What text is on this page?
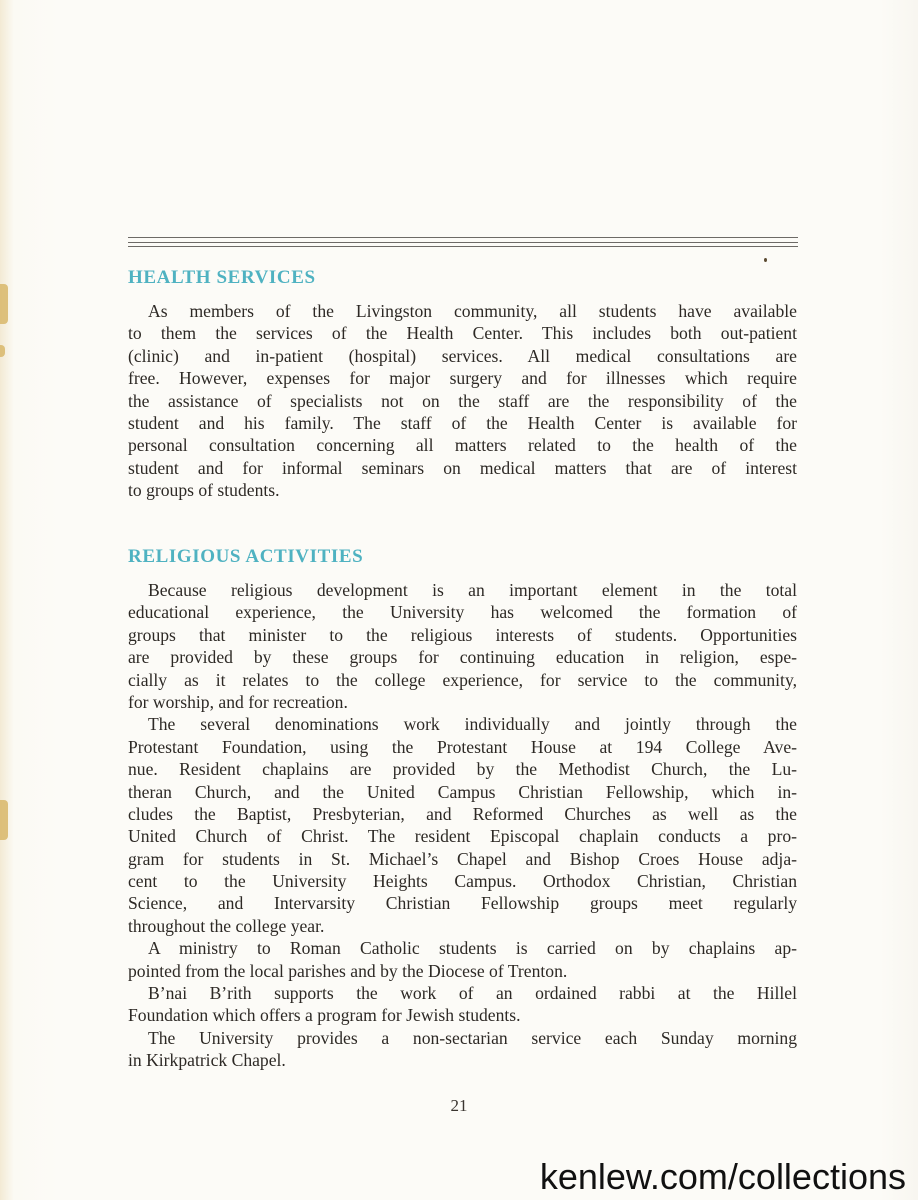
HEALTH SERVICES
As members of the Livingston community, all students have available
to them the services of the Health Center. This includes both out-patient
(clinic) and in-patient (hospital) services. All medical consultations are
free. However, expenses for major surgery and for illnesses which require
the assistance of specialists not on the staff are the responsibility of the
student and his family. The staff of the Health Center is available for
personal consultation concerning all matters related to the health of the
student and for informal seminars on medical matters that are of interest
to groups of students.
RELIGIOUS ACTIVITIES
Because religious development is an important element in the total
educational experience, the University has welcomed the formation of
groups that minister to the religious interests of students. Opportunities
are provided by these groups for continuing education in religion, espe-
cially as it relates to the college experience, for service to the community,
for worship, and for recreation.
The several denominations work individually and jointly through the
Protestant Foundation, using the Protestant House at 194 College Ave-
nue. Resident chaplains are provided by the Methodist Church, the Lu-
theran Church, and the United Campus Christian Fellowship, which in-
cludes the Baptist, Presbyterian, and Reformed Churches as well as the
United Church of Christ. The resident Episcopal chaplain conducts a pro-
gram for students in St. Michael’s Chapel and Bishop Croes House adja-
cent to the University Heights Campus. Orthodox Christian, Christian
Science, and Intervarsity Christian Fellowship groups meet regularly
throughout the college year.
A ministry to Roman Catholic students is carried on by chaplains ap-
pointed from the local parishes and by the Diocese of Trenton.
B’nai B’rith supports the work of an ordained rabbi at the Hillel
Foundation which offers a program for Jewish students.
The University provides a non-sectarian service each Sunday morning
in Kirkpatrick Chapel.
21
kenlew.com/collections
